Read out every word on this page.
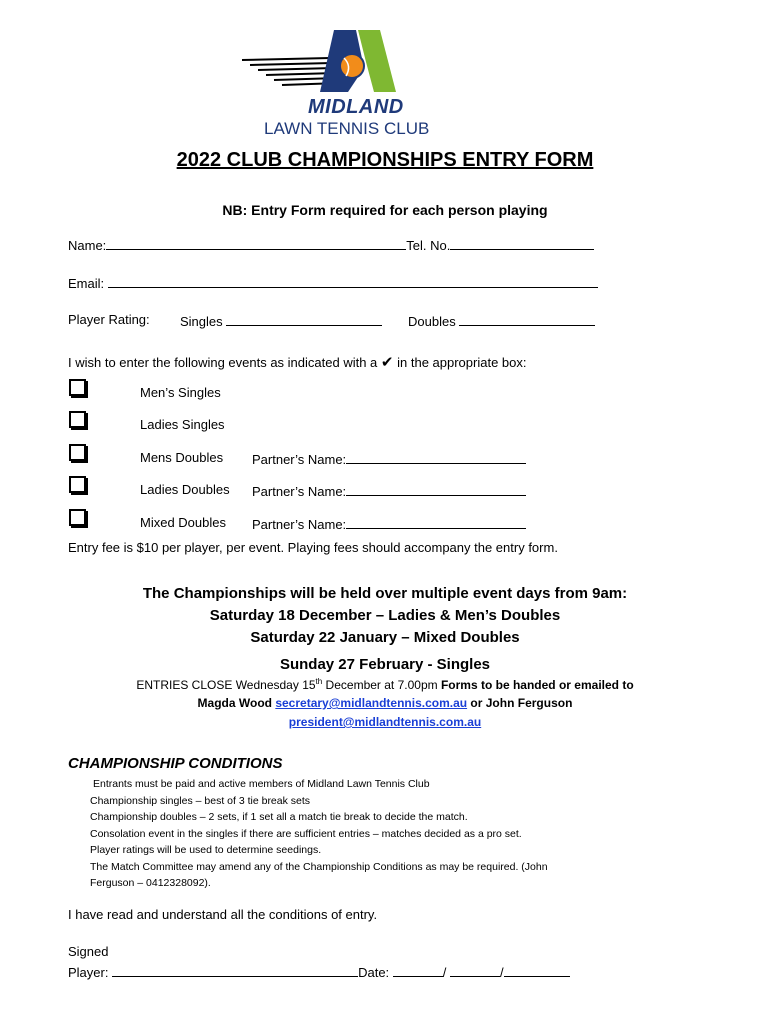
MIDLAND
LAWN TENNIS CLUB
2022 CLUB CHAMPIONSHIPS ENTRY FORM
NB: Entry Form required for each person playing
Name:	Tel. No.
Email:
Player Rating: Singles	Doubles
I wish to enter the following events as indicated with a ✔ in the appropriate box:
Men’s Singles
Ladies Singles
Mens Doubles Partner’s Name:
Ladies Doubles Partner’s Name:
Mixed Doubles Partner’s Name:
Entry fee is $10 per player, per event. Playing fees should accompany the entry form.
The Championships will be held over multiple event days from 9am:
Saturday 18 December – Ladies & Men’s Doubles
Saturday 22 January – Mixed Doubles
Sunday 27 February - Singles
ENTRIES CLOSE Wednesday 15th December at 7.00pm Forms to be handed or emailed to
Magda Wood secretary@midlandtennis.com.au or John Ferguson
president@midlandtennis.com.au
CHAMPIONSHIP CONDITIONS
Entrants must be paid and active members of Midland Lawn Tennis Club
Championship singles – best of 3 tie break sets
Championship doubles – 2 sets, if 1 set all a match tie break to decide the match.
Consolation event in the singles if there are sufficient entries – matches decided as a pro set.
Player ratings will be used to determine seedings.
The Match Committee may amend any of the Championship Conditions as may be required. (John
Ferguson – 0412328092).
I have read and understand all the conditions of entry.
Signed
Player:	Date:	/	/
